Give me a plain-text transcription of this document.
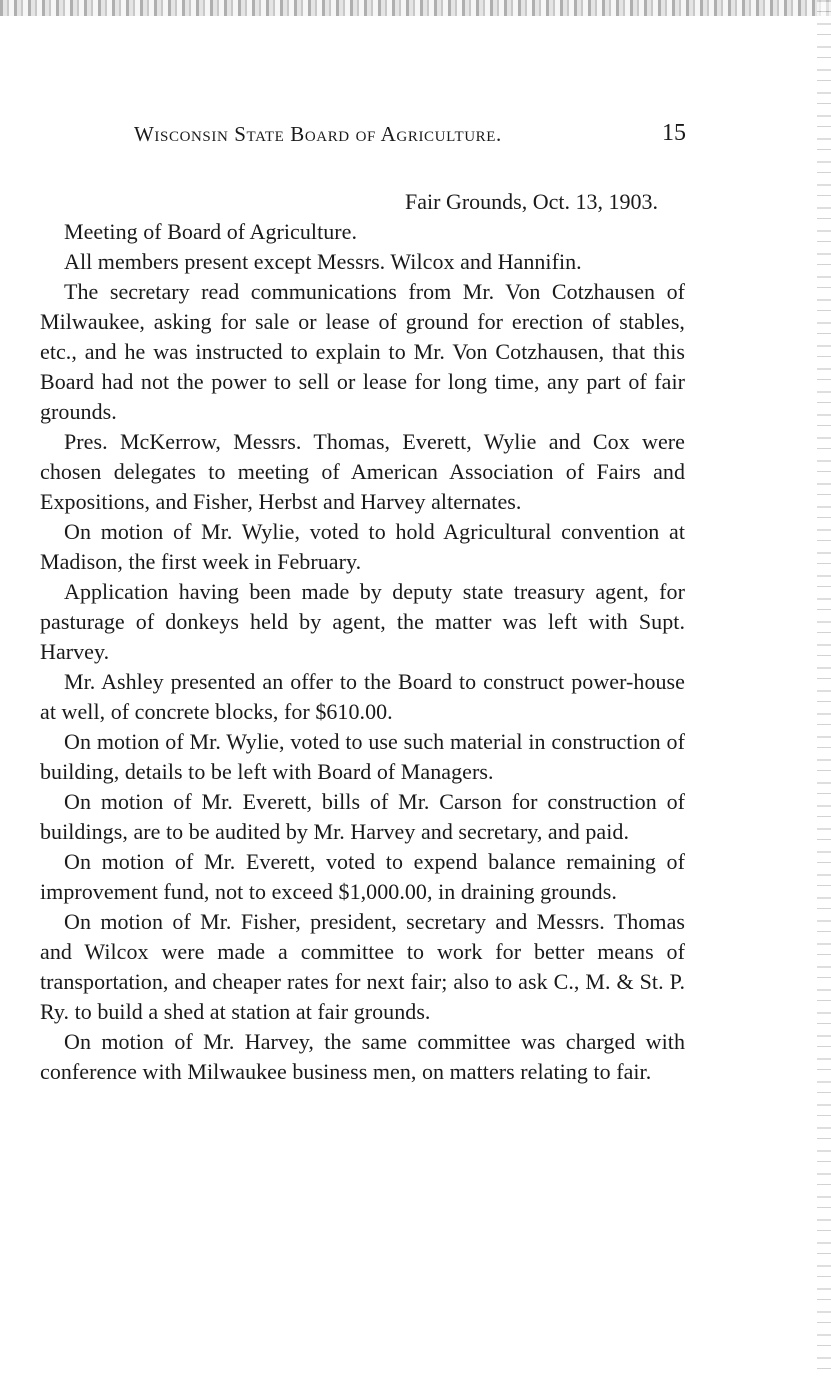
Wisconsin State Board of Agriculture.	15
Fair Grounds, Oct. 13, 1903.

Meeting of Board of Agriculture.

All members present except Messrs. Wilcox and Hannifin.

The secretary read communications from Mr. Von Cotzhausen of Milwaukee, asking for sale or lease of ground for erection of stables, etc., and he was instructed to explain to Mr. Von Cotzhausen, that this Board had not the power to sell or lease for long time, any part of fair grounds.

Pres. McKerrow, Messrs. Thomas, Everett, Wylie and Cox were chosen delegates to meeting of American Association of Fairs and Expositions, and Fisher, Herbst and Harvey alternates.

On motion of Mr. Wylie, voted to hold Agricultural convention at Madison, the first week in February.

Application having been made by deputy state treasury agent, for pasturage of donkeys held by agent, the matter was left with Supt. Harvey.

Mr. Ashley presented an offer to the Board to construct power-house at well, of concrete blocks, for $610.00.

On motion of Mr. Wylie, voted to use such material in construction of building, details to be left with Board of Managers.

On motion of Mr. Everett, bills of Mr. Carson for construction of buildings, are to be audited by Mr. Harvey and secretary, and paid.

On motion of Mr. Everett, voted to expend balance remaining of improvement fund, not to exceed $1,000.00, in draining grounds.

On motion of Mr. Fisher, president, secretary and Messrs. Thomas and Wilcox were made a committee to work for better means of transportation, and cheaper rates for next fair; also to ask C., M. & St. P. Ry. to build a shed at station at fair grounds.

On motion of Mr. Harvey, the same committee was charged with conference with Milwaukee business men, on matters relating to fair.
